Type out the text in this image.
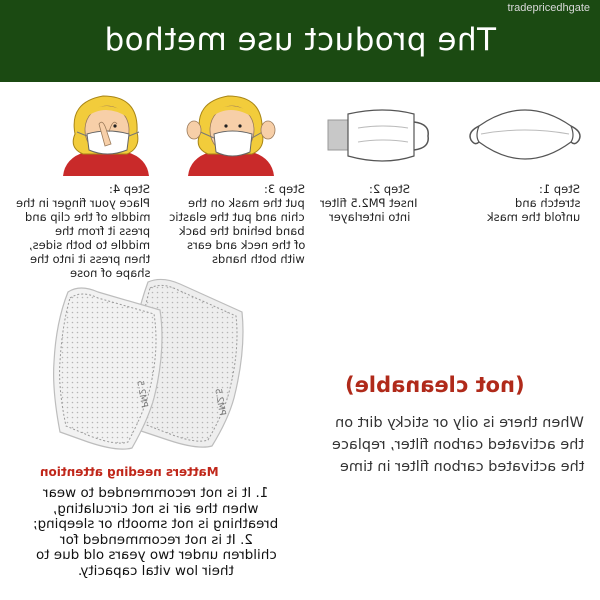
The product use method
tradepricedhgate

Step 4:

Place your finger in the

middle of the clip and

press it from the

middle to both sides,

then press it into the

shape of nose

Step 3:

put the mask on the

chin and put the elastic

band behind the back

of the neck and ears

with both hands

Step 2:

Inset PM2.5 filter

into interlayer

Step 1:

stretch and

unfold the mask

PM2.5	PM2.5
(not cleanable)

When there is oily or sticky dirt on

the activated carbon filter, replace

the activated carbon filter in time

Matters needing attention

1. It is not recommended to wear

when the air is not circulating,

breathing is not smooth or sleeping;

2. It is not recommended for

children under two years old due to

their low vital capacity.
